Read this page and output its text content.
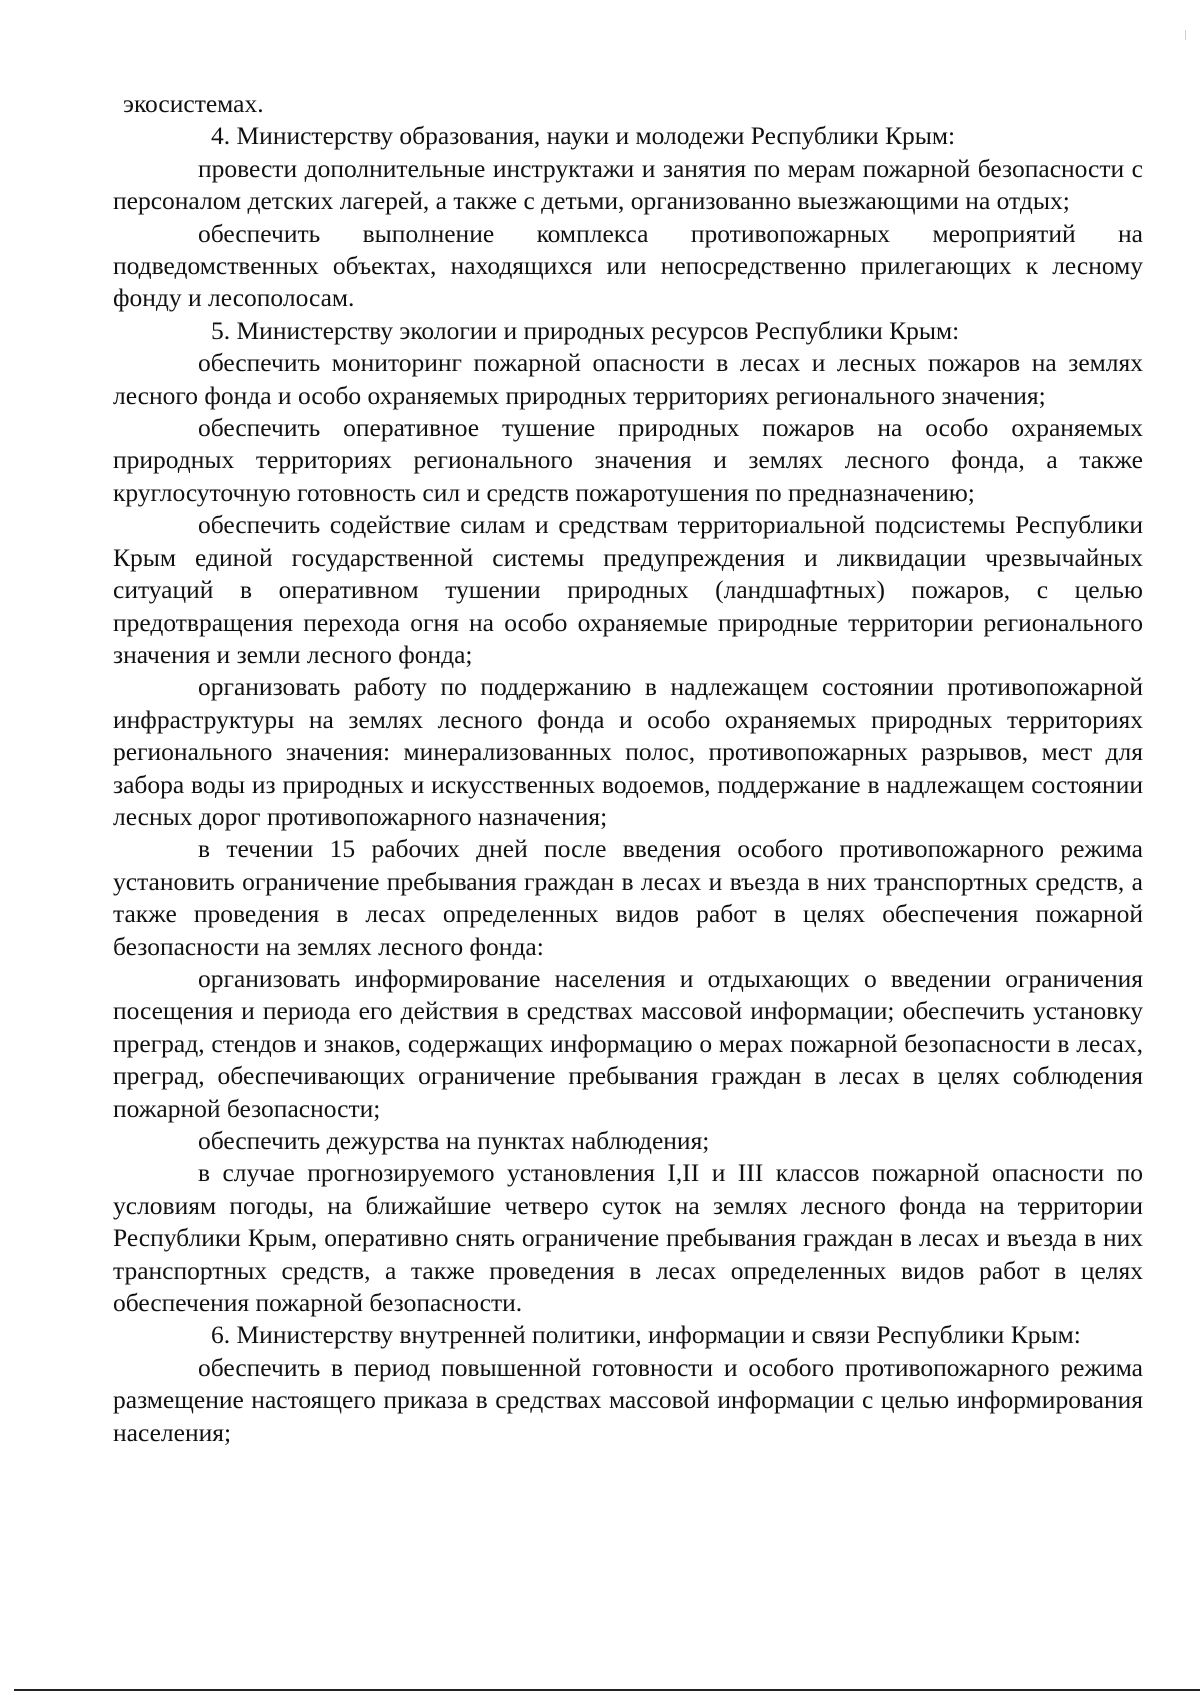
экосистемах.

4. Министерству образования, науки и молодежи Республики Крым:

провести дополнительные инструктажи и занятия по мерам пожарной безопасности с персоналом детских лагерей, а также с детьми, организованно выезжающими на отдых;

обеспечить выполнение комплекса противопожарных мероприятий на подведомственных объектах, находящихся или непосредственно прилегающих к лесному фонду и лесополосам.

5. Министерству экологии и природных ресурсов Республики Крым:

обеспечить мониторинг пожарной опасности в лесах и лесных пожаров на землях лесного фонда и особо охраняемых природных территориях регионального значения;

обеспечить оперативное тушение природных пожаров на особо охраняемых природных территориях регионального значения и землях лесного фонда, а также круглосуточную готовность сил и средств пожаротушения по предназначению;

обеспечить содействие силам и средствам территориальной подсистемы Республики Крым единой государственной системы предупреждения и ликвидации чрезвычайных ситуаций в оперативном тушении природных (ландшафтных) пожаров, с целью предотвращения перехода огня на особо охраняемые природные территории регионального значения и земли лесного фонда;

организовать работу по поддержанию в надлежащем состоянии противопожарной инфраструктуры на землях лесного фонда и особо охраняемых природных территориях регионального значения: минерализованных полос, противопожарных разрывов, мест для забора воды из природных и искусственных водоемов, поддержание в надлежащем состоянии лесных дорог противопожарного назначения;

в течении 15 рабочих дней после введения особого противопожарного режима установить ограничение пребывания граждан в лесах и въезда в них транспортных средств, а также проведения в лесах определенных видов работ в целях обеспечения пожарной безопасности на землях лесного фонда:

организовать информирование населения и отдыхающих о введении ограничения посещения и периода его действия в средствах массовой информации; обеспечить установку преград, стендов и знаков, содержащих информацию о мерах пожарной безопасности в лесах, преград, обеспечивающих ограничение пребывания граждан в лесах в целях соблюдения пожарной безопасности;

обеспечить дежурства на пунктах наблюдения;

в случае прогнозируемого установления I,II и III классов пожарной опасности по условиям погоды, на ближайшие четверо суток на землях лесного фонда на территории Республики Крым, оперативно снять ограничение пребывания граждан в лесах и въезда в них транспортных средств, а также проведения в лесах определенных видов работ в целях обеспечения пожарной безопасности.

6. Министерству внутренней политики, информации и связи Республики Крым:

обеспечить в период повышенной готовности и особого противопожарного режима размещение настоящего приказа в средствах массовой информации с целью информирования населения;
